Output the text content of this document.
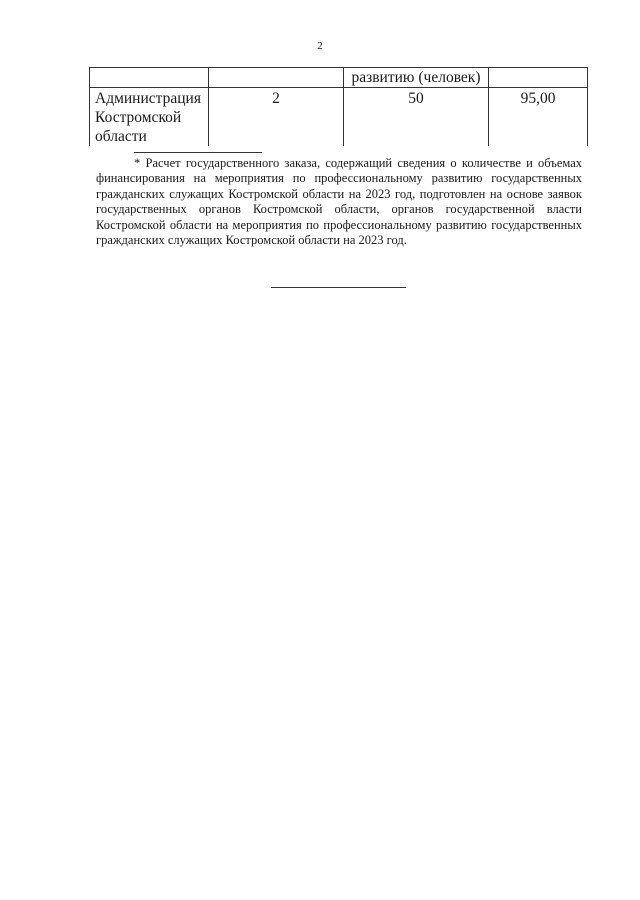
2
		развитию (человек)	
Администрация Костромской области	2	50	95,00

* Расчет государственного заказа, содержащий сведения о количестве и объемах финансирования на мероприятия по профессиональному развитию государственных гражданских служащих Костромской области на 2023 год, подготовлен на основе заявок государственных органов Костромской области, органов государственной власти Костромской области на мероприятия по профессиональному развитию государственных гражданских служащих Костромской области на 2023 год.
